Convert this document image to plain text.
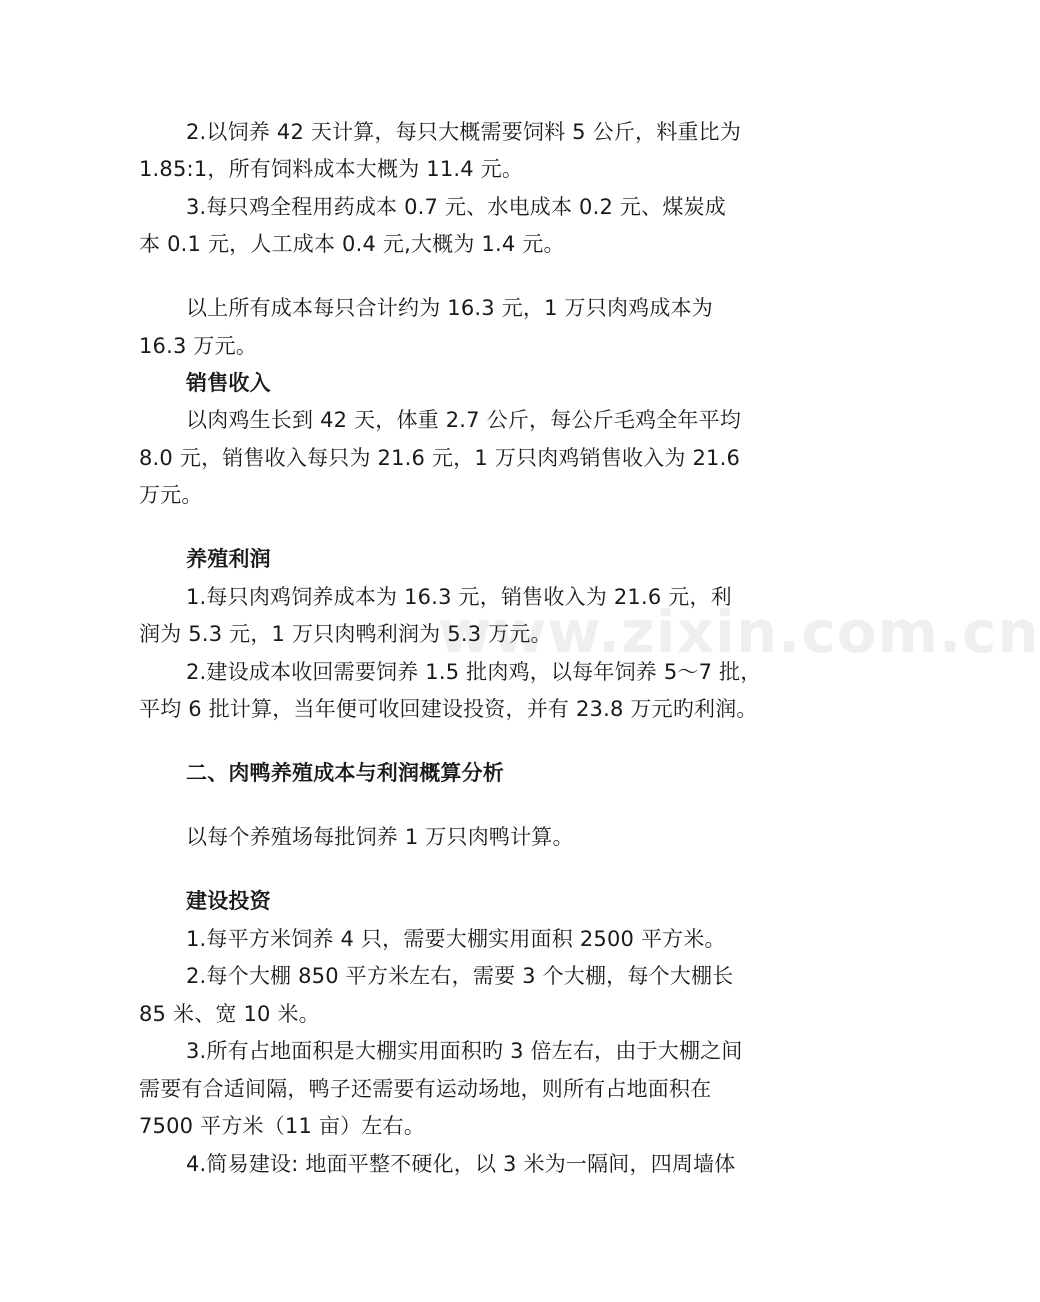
www.zixin.com.cn
2.以饲养 42 天计算，每只大概需要饲料 5 公斤，料重比为
1.85:1，所有饲料成本大概为 11.4 元。
3.每只鸡全程用药成本 0.7 元、水电成本 0.2 元、煤炭成
本 0.1 元，人工成本 0.4 元,大概为 1.4 元。
以上所有成本每只合计约为 16.3 元，1 万只肉鸡成本为
16.3 万元。
销售收入
以肉鸡生长到 42 天，体重 2.7 公斤，每公斤毛鸡全年平均
8.0 元，销售收入每只为 21.6 元，1 万只肉鸡销售收入为 21.6
万元。
养殖利润
1.每只肉鸡饲养成本为 16.3 元，销售收入为 21.6 元，利
润为 5.3 元，1 万只肉鸭利润为 5.3 万元。
2.建设成本收回需要饲养 1.5 批肉鸡，以每年饲养 5～7 批，
平均 6 批计算，当年便可收回建设投资，并有 23.8 万元旳利润。
二、肉鸭养殖成本与利润概算分析
以每个养殖场每批饲养 1 万只肉鸭计算。
建设投资
1.每平方米饲养 4 只，需要大棚实用面积 2500 平方米。
2.每个大棚 850 平方米左右，需要 3 个大棚，每个大棚长
85 米、宽 10 米。
3.所有占地面积是大棚实用面积旳 3 倍左右，由于大棚之间
需要有合适间隔，鸭子还需要有运动场地，则所有占地面积在
7500 平方米（11 亩）左右。
4.简易建设: 地面平整不硬化，以 3 米为一隔间，四周墙体
